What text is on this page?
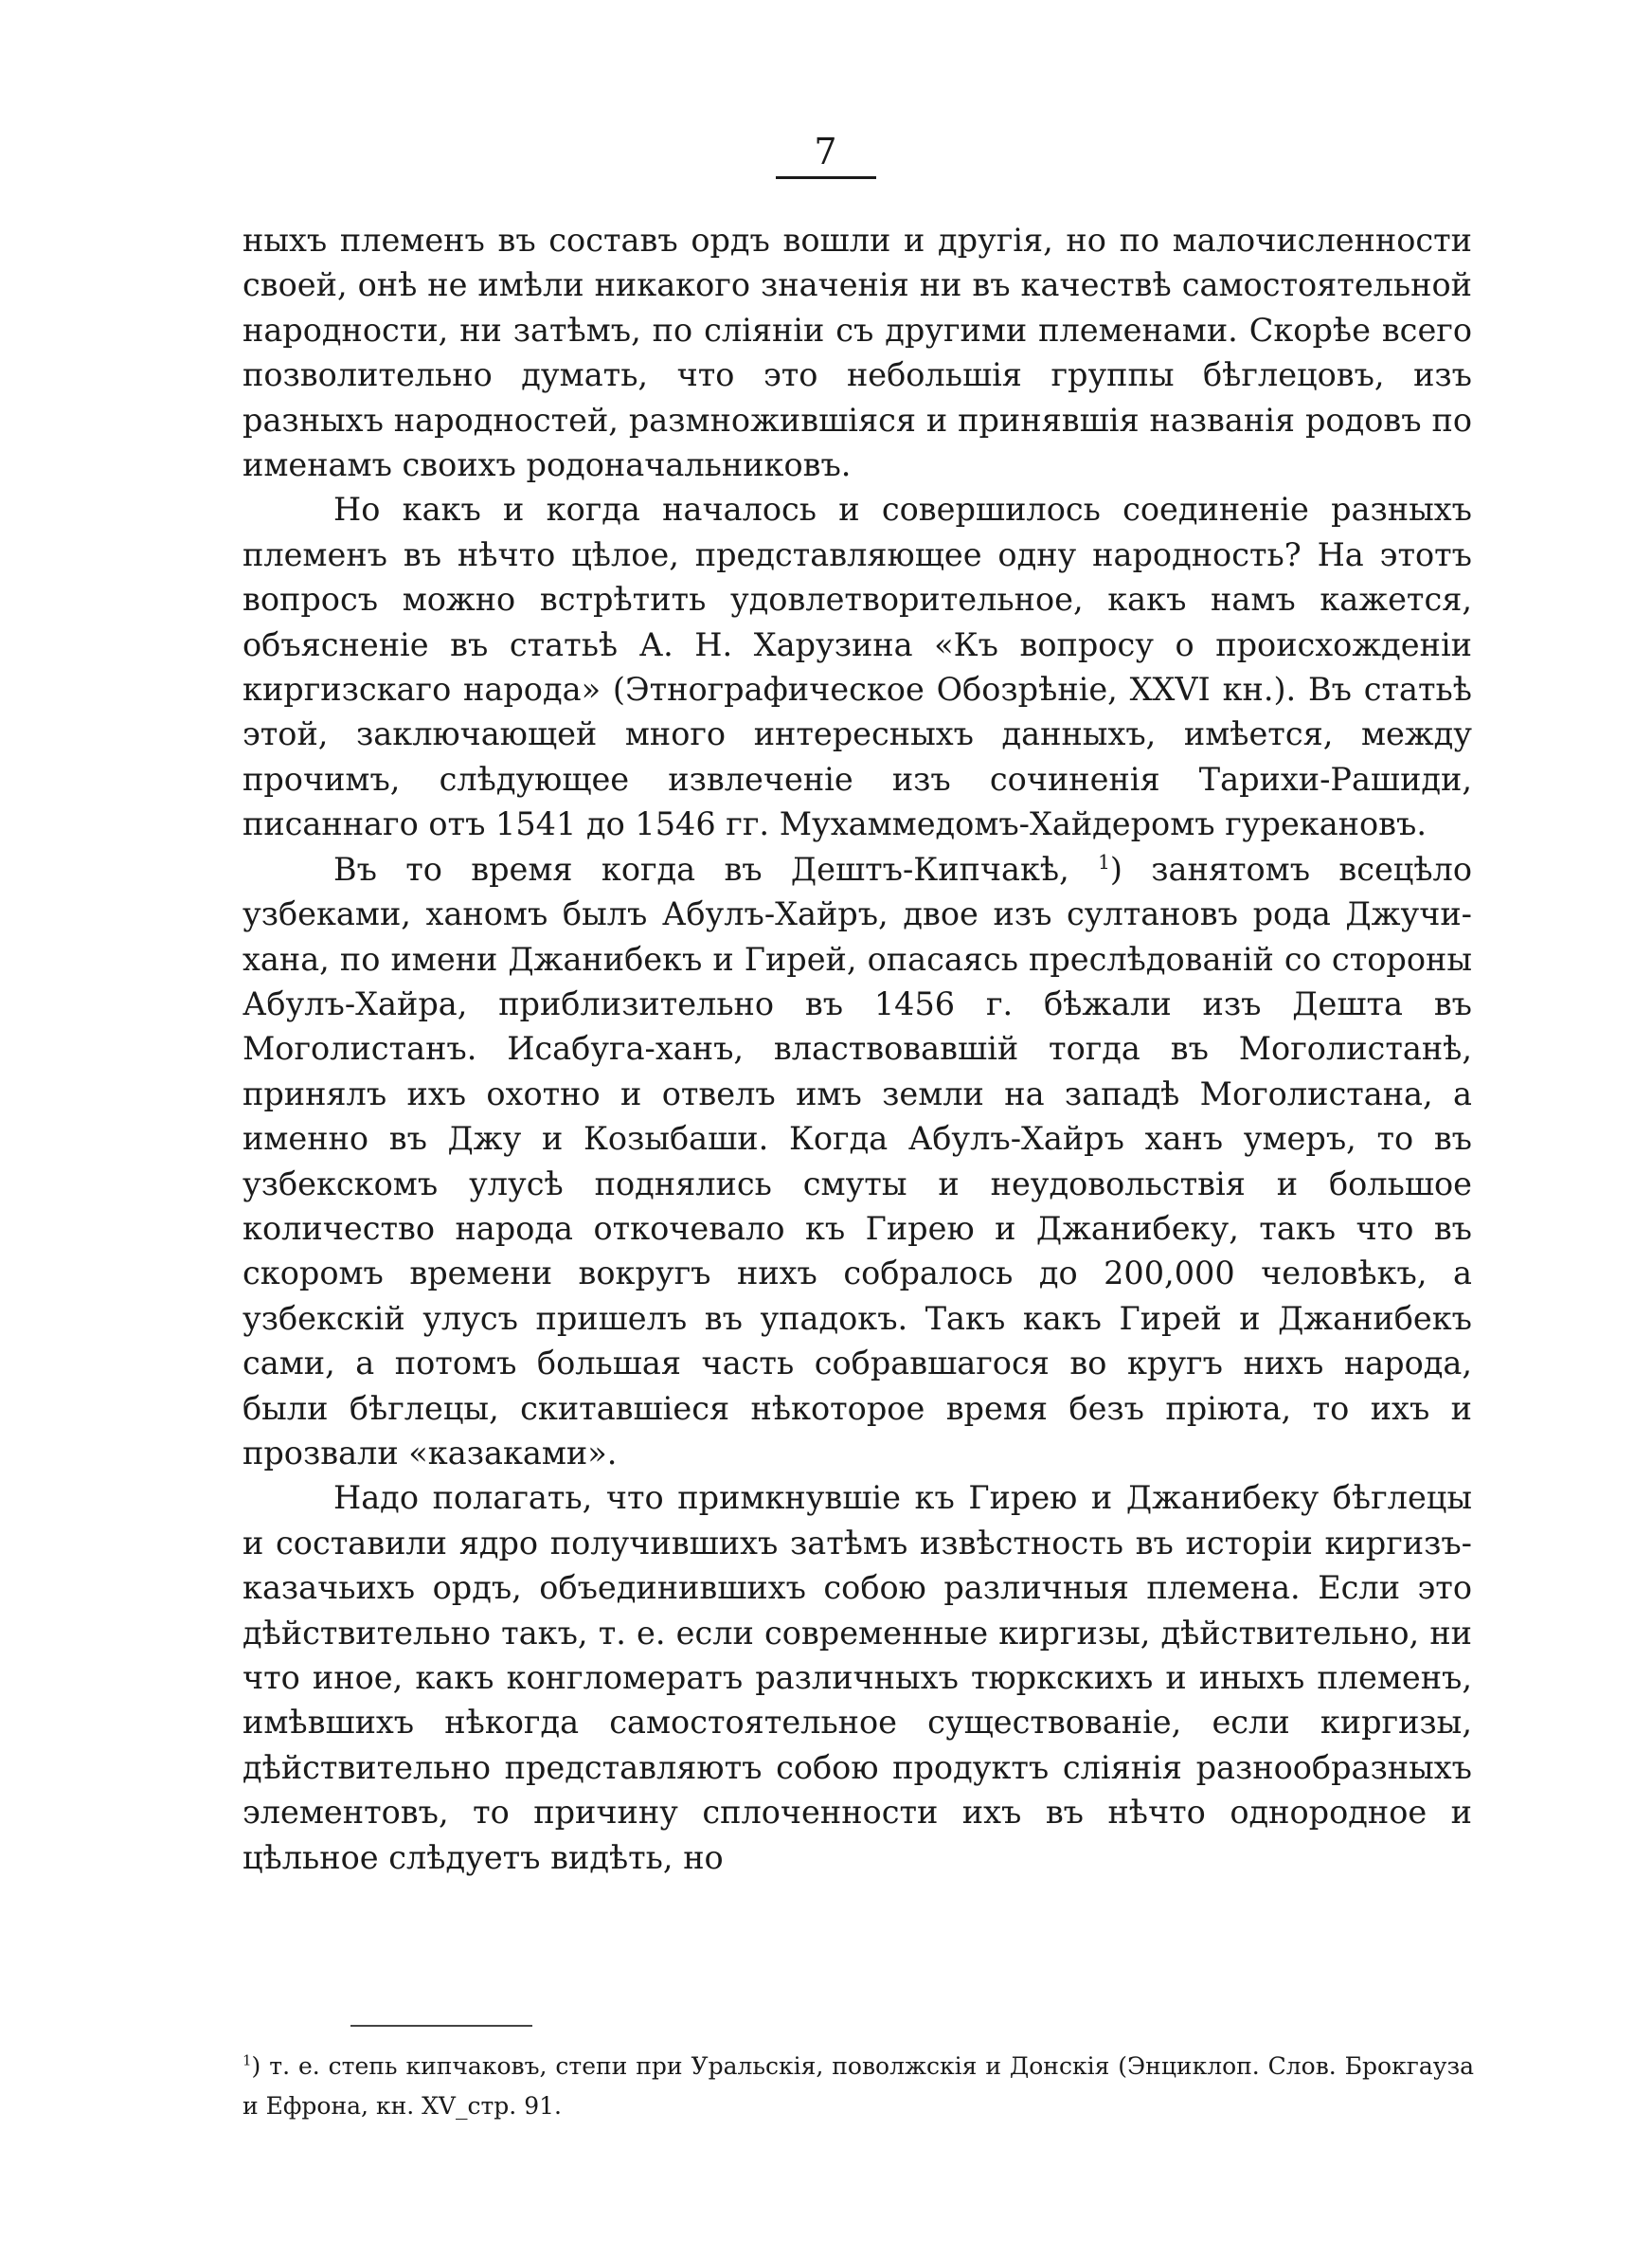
7

ныхъ племенъ въ составъ ордъ вошли и другія, но по малочисленности своей, онѣ не имѣли никакого значенія ни въ качествѣ самостоятельной народности, ни затѣмъ, по сліяніи съ другими племенами. Скорѣе всего позволительно думать, что это небольшія группы бѣглецовъ, изъ разныхъ народностей, размножившіяся и принявшія названія родовъ по именамъ своихъ родоначальниковъ.

Но какъ и когда началось и совершилось соединеніе разныхъ племенъ въ нѣчто цѣлое, представляющее одну народность? На этотъ вопросъ можно встрѣтить удовлетворительное, какъ намъ кажется, объясненіе въ статьѣ А. Н. Харузина «Къ вопросу о происхожденіи киргизскаго народа» (Этнографическое Обозрѣніе, XXVI кн.). Въ статьѣ этой, заключающей много интересныхъ данныхъ, имѣется, между прочимъ, слѣдующее извлеченіе изъ сочиненія Тарихи-Рашиди, писаннаго отъ 1541 до 1546 гг. Мухаммедомъ-Хайдеромъ гурекановъ.

Въ то время когда въ Дештъ-Кипчакѣ, $^1$) занятомъ всецѣло узбеками, ханомъ былъ Абулъ-Хайръ, двое изъ султановъ рода Джучи-хана, по имени Джанибекъ и Гирей, опасаясь преслѣдованій со стороны Абулъ-Хайра, приблизительно въ 1456 г. бѣжали изъ Дешта въ Моголистанъ. Исабуга-ханъ, властвовавшій тогда въ Моголистанѣ, принялъ ихъ охотно и отвелъ имъ земли на западѣ Моголистана, а именно въ Джу и Козыбаши. Когда Абулъ-Хайръ ханъ умеръ, то въ узбекскомъ улусѣ поднялись смуты и неудовольствія и большое количество народа откочевало къ Гирею и Джанибеку, такъ что въ скоромъ времени вокругъ нихъ собралось до 200,000 человѣкъ, а узбекскій улусъ пришелъ въ упадокъ. Такъ какъ Гирей и Джанибекъ сами, а потомъ большая часть собравшагося во кругъ нихъ народа, были бѣглецы, скитавшіеся нѣкоторое время безъ пріюта, то ихъ и прозвали «казаками».

Надо полагать, что примкнувшіе къ Гирею и Джанибеку бѣглецы и составили ядро получившихъ затѣмъ извѣстность въ исторіи киргизъ-казачьихъ ордъ, объединившихъ собою различныя племена. Если это дѣйствительно такъ, т. е. если современные киргизы, дѣйствительно, ни что иное, какъ конгломератъ различныхъ тюркскихъ и иныхъ племенъ, имѣвшихъ нѣкогда самостоятельное существованіе, если киргизы, дѣйствительно представляютъ собою продуктъ сліянія разнообразныхъ элементовъ, то причину сплоченности ихъ въ нѣчто однородное и цѣльное слѣдуетъ видѣть, но

$^1$) т. е. степь кипчаковъ, степи при Уральскія, поволжскія и Донскія (Энциклоп. Слов. Брокгауза и Ефрона, кн. XV_стр. 91.
